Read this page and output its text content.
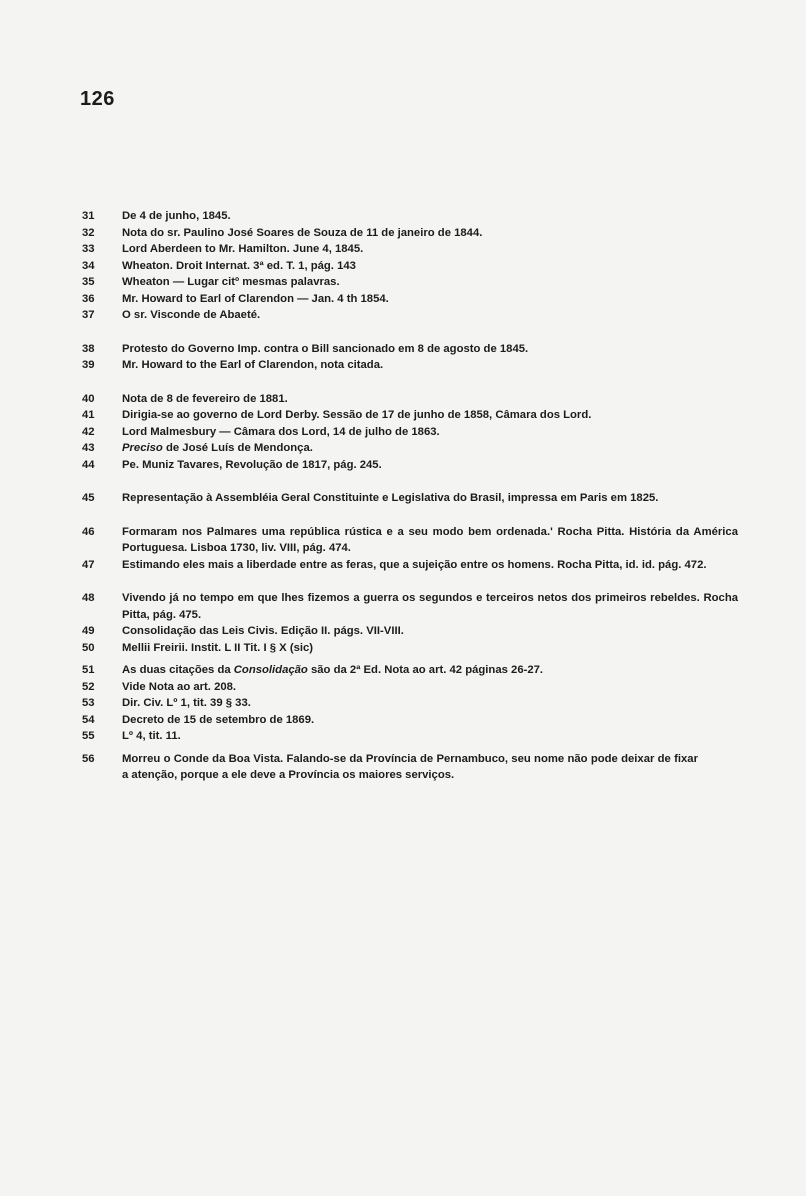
126
31	De 4 de junho, 1845.
32	Nota do sr. Paulino José Soares de Souza de 11 de janeiro de 1844.
33	Lord Aberdeen to Mr. Hamilton. June 4, 1845.
34	Wheaton. Droit Internat. 3ª ed. T. 1, pág. 143
35	Wheaton — Lugar citº mesmas palavras.
36	Mr. Howard to Earl of Clarendon — Jan. 4 th 1854.
37	O sr. Visconde de Abaeté.
38	Protesto do Governo Imp. contra o Bill sancionado em 8 de agosto de 1845.
39	Mr. Howard to the Earl of Clarendon, nota citada.
40	Nota de 8 de fevereiro de 1881.
41	Dirigia-se ao governo de Lord Derby. Sessão de 17 de junho de 1858, Câmara dos Lord.
42	Lord Malmesbury — Câmara dos Lord, 14 de julho de 1863.
43	Preciso de José Luís de Mendonça.
44	Pe. Muniz Tavares, Revolução de 1817, pág. 245.
45	Representação à Assembléia Geral Constituinte e Legislativa do Brasil, impressa em Paris em 1825.
46	Formaram nos Palmares uma república rústica e a seu modo bem ordenada.' Rocha Pitta. História da América Portuguesa. Lisboa 1730, liv. VIII, pág. 474.
47	Estimando eles mais a liberdade entre as feras, que a sujeição entre os homens. Rocha Pitta, id. id. pág. 472.
48	Vivendo já no tempo em que lhes fizemos a guerra os segundos e terceiros netos dos primeiros rebeldes. Rocha Pitta, pág. 475.
49	Consolidação das Leis Civis. Edição II. págs. VII-VIII.
50	Mellii Freirii. Instit. L II Tit. I § X (sic)
51	As duas citações da Consolidação são da 2ª Ed. Nota ao art. 42 páginas 26-27.
52	Vide Nota ao art. 208.
53	Dir. Civ. Lº 1, tit. 39 § 33.
54	Decreto de 15 de setembro de 1869.
55	Lº 4, tit. 11.
56	Morreu o Conde da Boa Vista. Falando-se da Província de Pernambuco, seu nome não pode deixar de fixar a atenção, porque a ele deve a Província os maiores serviços.
